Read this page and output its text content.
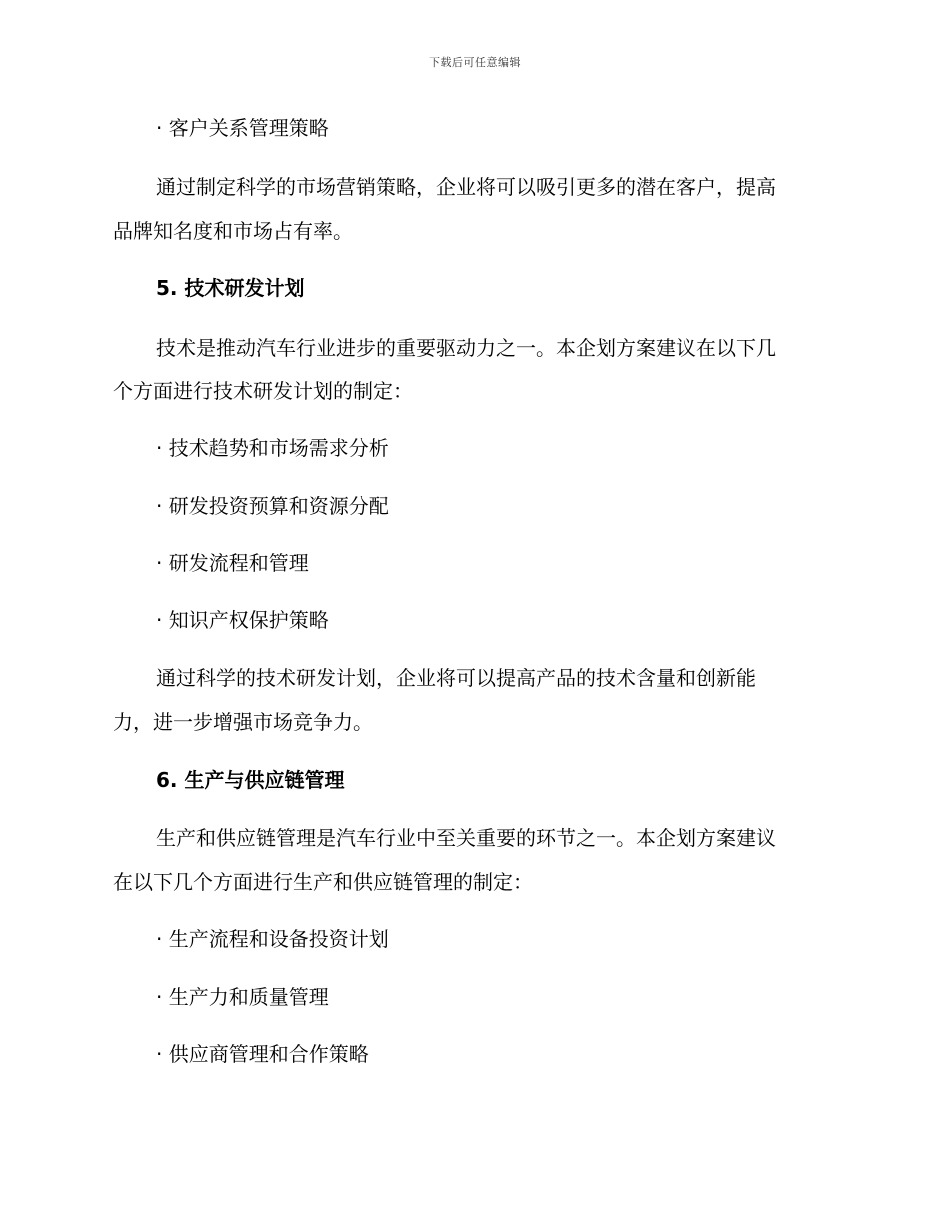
下载后可任意编辑
· 客户关系管理策略
通过制定科学的市场营销策略，企业将可以吸引更多的潜在客户，提高
品牌知名度和市场占有率。
5. 技术研发计划
技术是推动汽车行业进步的重要驱动力之一。本企划方案建议在以下几
个方面进行技术研发计划的制定：
· 技术趋势和市场需求分析
· 研发投资预算和资源分配
· 研发流程和管理
· 知识产权保护策略
通过科学的技术研发计划，企业将可以提高产品的技术含量和创新能
力，进一步增强市场竞争力。
6. 生产与供应链管理
生产和供应链管理是汽车行业中至关重要的环节之一。本企划方案建议
在以下几个方面进行生产和供应链管理的制定：
· 生产流程和设备投资计划
· 生产力和质量管理
· 供应商管理和合作策略
